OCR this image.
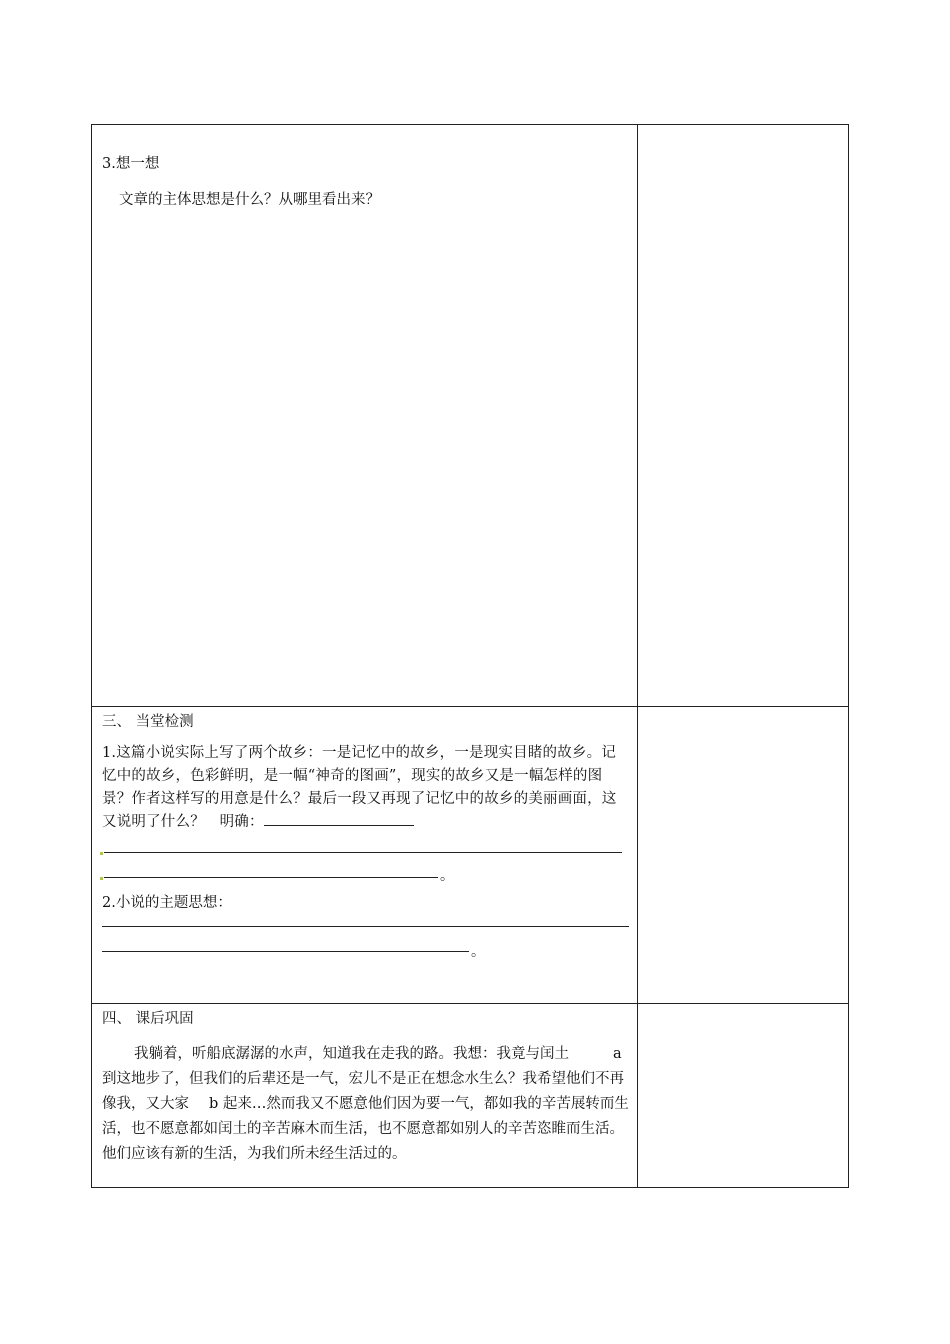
3.想一想
文章的主体思想是什么？从哪里看出来？	

三、 当堂检测
1.这篇小说实际上写了两个故乡：一是记忆中的故乡，一是现实目睹的故乡。记忆中的故乡，色彩鲜明，是一幅“神奇的图画”，现实的故乡又是一幅怎样的图景？作者这样写的用意是什么？最后一段又再现了记忆中的故乡的美丽画面，这又说明了什么？　明确：
。
2.小说的主题思想：
。	

四、 课后巩固
我躺着，听船底潺潺的水声，知道我在走我的路。我想：我竟与闰土 a 到这地步了，但我们的后辈还是一气，宏儿不是正在想念水生么？我希望他们不再像我，又大家 b 起来…然而我又不愿意他们因为要一气，都如我的辛苦展转而生活，也不愿意都如闰土的辛苦麻木而生活，也不愿意都如别人的辛苦恣睢而生活。他们应该有新的生活，为我们所未经生活过的。	
